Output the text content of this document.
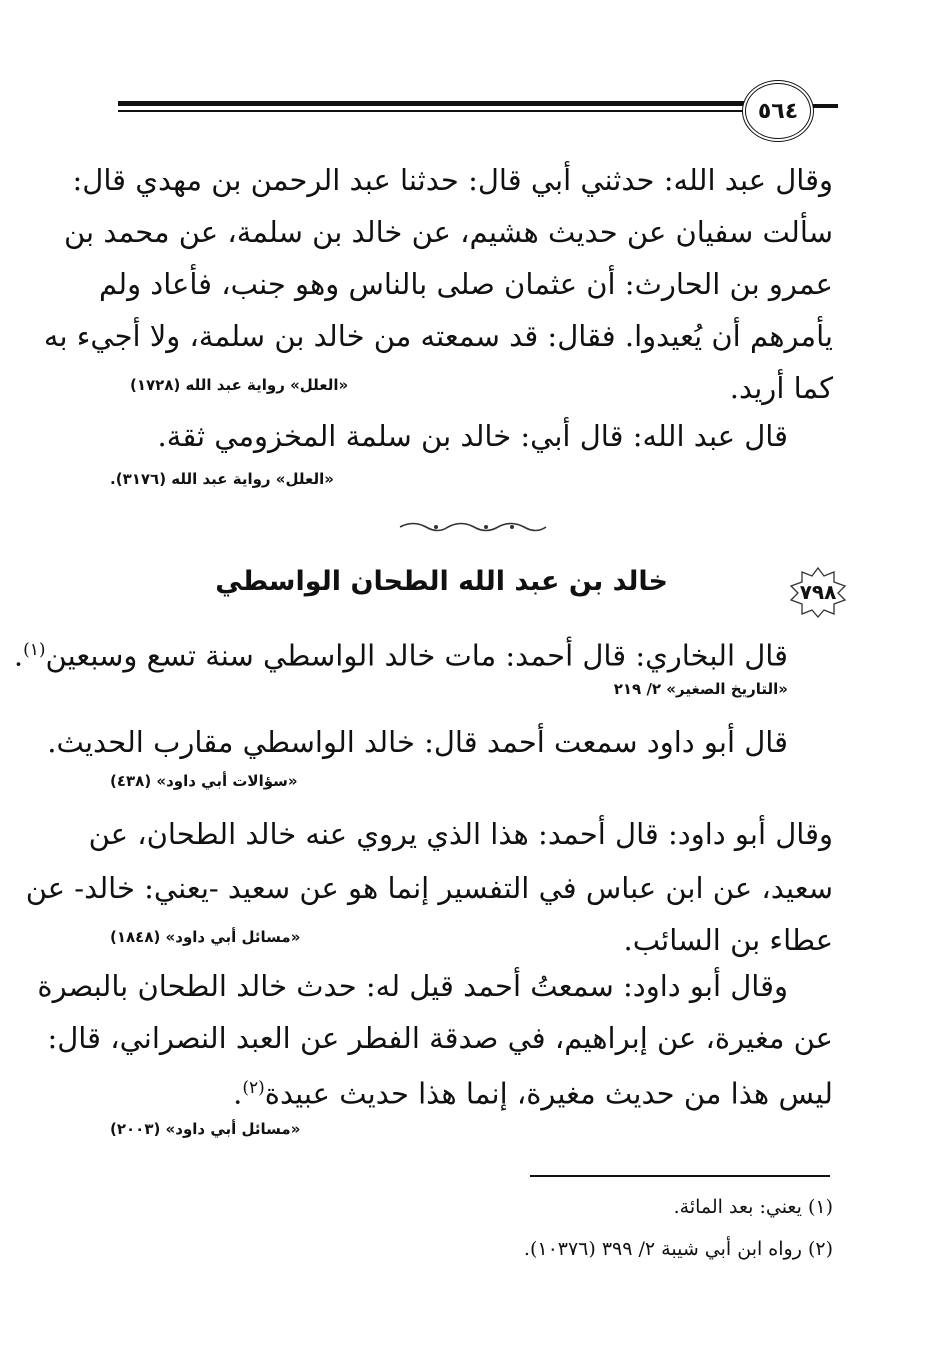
٥٦٤
وقال عبد الله: حدثني أبي قال: حدثنا عبد الرحمن بن مهدي قال:
سألت سفيان عن حديث هشيم، عن خالد بن سلمة، عن محمد بن
عمرو بن الحارث: أن عثمان صلى بالناس وهو جنب، فأعاد ولم
يأمرهم أن يُعيدوا. فقال: قد سمعته من خالد بن سلمة، ولا أجيء به
كما أريد.
«العلل» رواية عبد الله (١٧٢٨)
قال عبد الله: قال أبي: خالد بن سلمة المخزومي ثقة.
«العلل» رواية عبد الله (٣١٧٦).
٧٩٨
خالد بن عبد الله الطحان الواسطي
قال البخاري: قال أحمد: مات خالد الواسطي سنة تسع وسبعين$^{(١)}$.
«التاريخ الصغير» ٢/ ٢١٩
قال أبو داود سمعت أحمد قال: خالد الواسطي مقارب الحديث.
«سؤالات أبي داود» (٤٣٨)
وقال أبو داود: قال أحمد: هذا الذي يروي عنه خالد الطحان، عن
سعيد، عن ابن عباس في التفسير إنما هو عن سعيد -يعني: خالد- عن
عطاء بن السائب.
«مسائل أبي داود» (١٨٤٨)
وقال أبو داود: سمعتُ أحمد قيل له: حدث خالد الطحان بالبصرة
عن مغيرة، عن إبراهيم، في صدقة الفطر عن العبد النصراني، قال:
ليس هذا من حديث مغيرة، إنما هذا حديث عبيدة$^{(٢)}$.
«مسائل أبي داود» (٢٠٠٣)
(١) يعني: بعد المائة.
(٢) رواه ابن أبي شيبة ٢/ ٣٩٩ (١٠٣٧٦).
